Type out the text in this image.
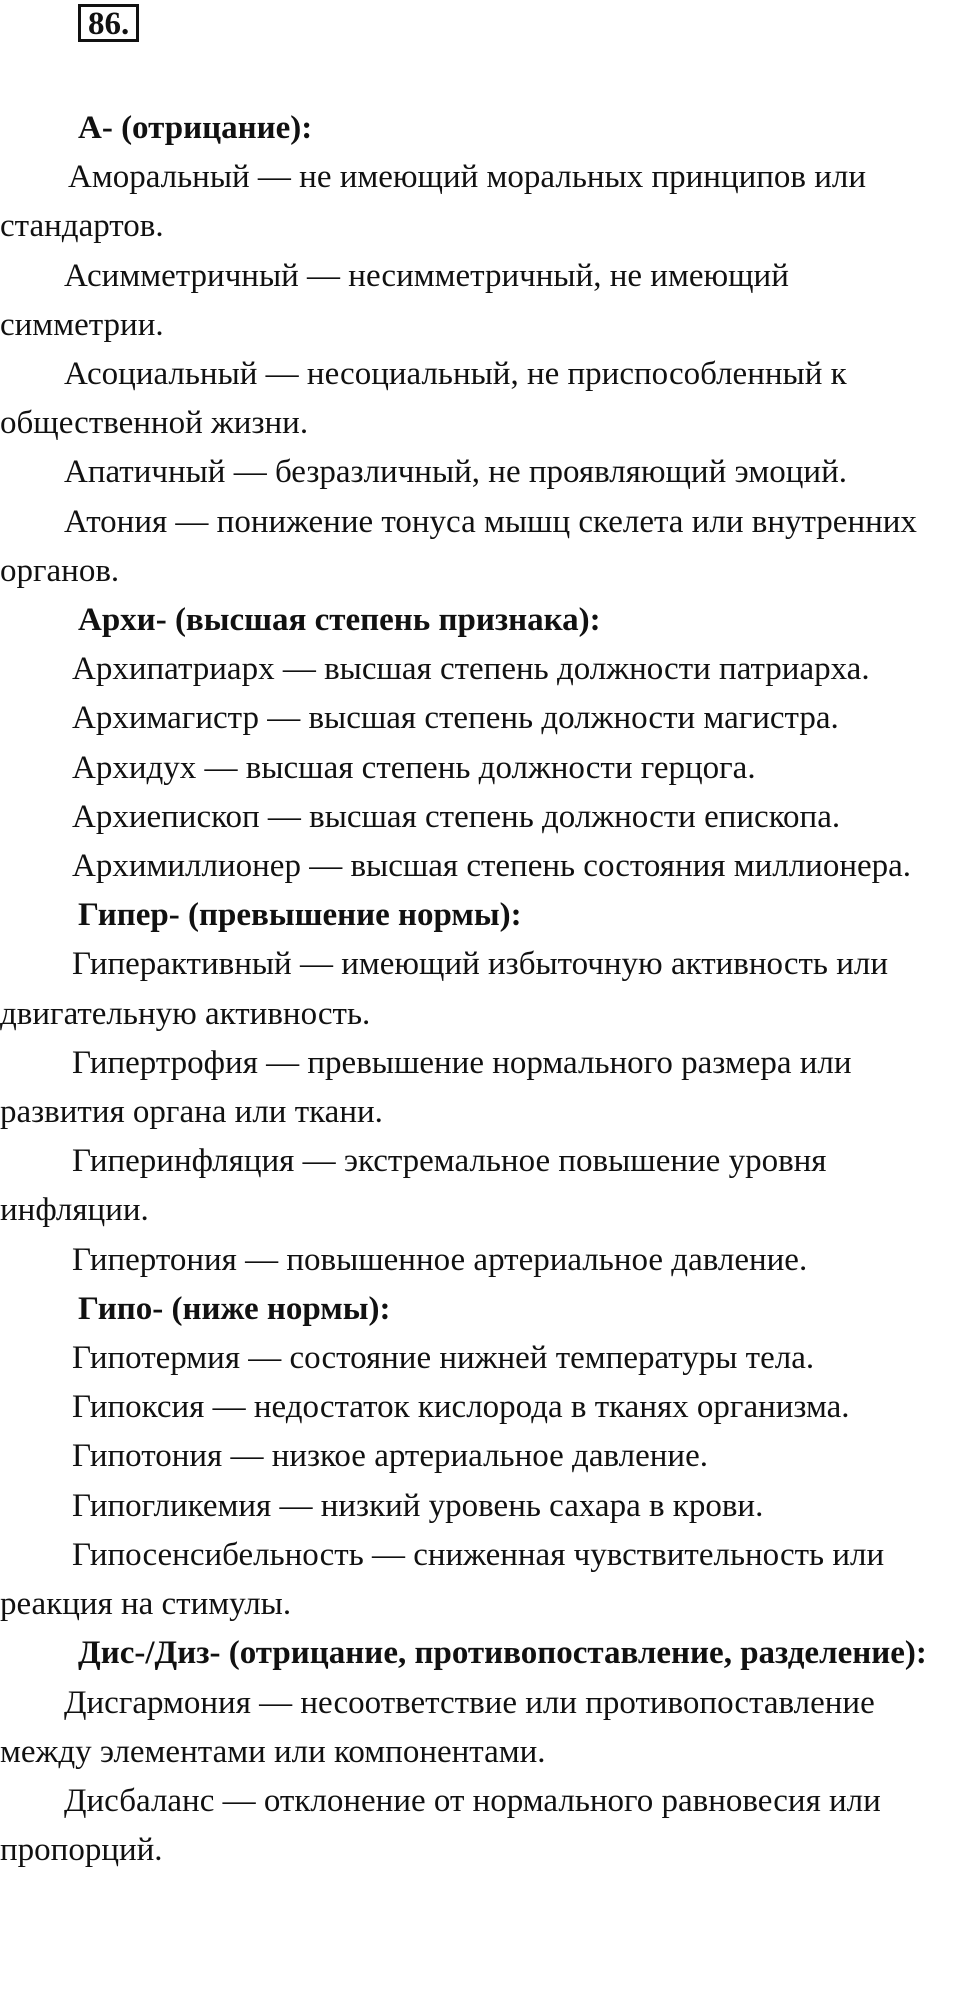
86.

А- (отрицание):

Аморальный — не имеющий моральных принципов или стандартов.

Асимметричный — несимметричный, не имеющий симметрии.

Асоциальный — несоциальный, не приспособленный к общественной жизни.

Апатичный — безразличный, не проявляющий эмоций.

Атония — понижение тонуса мышц скелета или внутренних органов.

Архи- (высшая степень признака):

Архипатриарх — высшая степень должности патриарха.

Архимагистр — высшая степень должности магистра.

Архидух — высшая степень должности герцога.

Архиепископ — высшая степень должности епископа.

Архимиллионер — высшая степень состояния миллионера.

Гипер- (превышение нормы):

Гиперактивный — имеющий избыточную активность или двигательную активность.

Гипертрофия — превышение нормального размера или развития органа или ткани.

Гиперинфляция — экстремальное повышение уровня инфляции.

Гипертония — повышенное артериальное давление.

Гипо- (ниже нормы):

Гипотермия — состояние нижней температуры тела.

Гипоксия — недостаток кислорода в тканях организма.

Гипотония — низкое артериальное давление.

Гипогликемия — низкий уровень сахара в крови.

Гипосенсибельность — сниженная чувствительность или реакция на стимулы.

Дис-/Диз- (отрицание, противопоставление, разделение):

Дисгармония — несоответствие или противопоставление между элементами или компонентами.

Дисбаланс — отклонение от нормального равновесия или пропорций.
